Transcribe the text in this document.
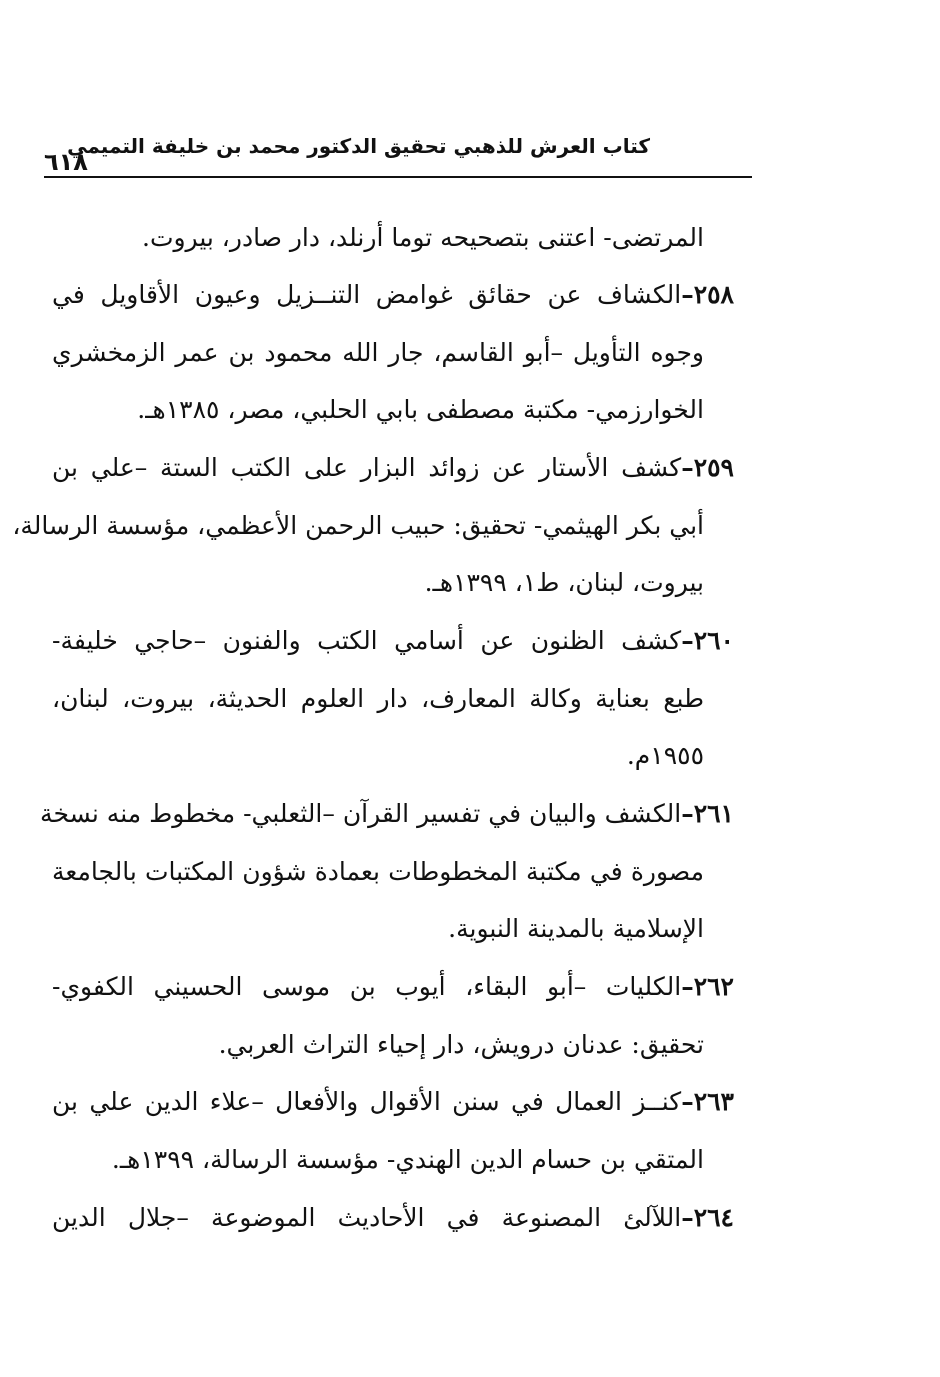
كتاب العرش للذهبي تحقيق الدكتور محمد بن خليفة التميمي
٦١٨
المرتضى- اعتنى بتصحيحه توما أرنلد، دار صادر، بيروت.
٢٥٨–الكشاف عن حقائق غوامض التنــزيل وعيون الأقاويل في
وجوه التأويل –أبو القاسم، جار الله محمود بن عمر الزمخشري
الخوارزمي- مكتبة مصطفى بابي الحلبي، مصر، ١٣٨٥هـ.
٢٥٩–كشف الأستار عن زوائد البزار على الكتب الستة –علي بن
أبي بكر الهيثمي- تحقيق: حبيب الرحمن الأعظمي، مؤسسة الرسالة،
بيروت، لبنان، ط١، ١٣٩٩هـ.
٢٦٠–كشف الظنون عن أسامي الكتب والفنون –حاجي خليفة-
طبع بعناية وكالة المعارف، دار العلوم الحديثة، بيروت، لبنان،
١٩٥٥م.
٢٦١–الكشف والبيان في تفسير القرآن –الثعلبي- مخطوط منه نسخة
مصورة في مكتبة المخطوطات بعمادة شؤون المكتبات بالجامعة
الإسلامية بالمدينة النبوية.
٢٦٢–الكليات –أبو البقاء، أيوب بن موسى الحسيني الكفوي-
تحقيق: عدنان درويش، دار إحياء التراث العربي.
٢٦٣–كنــز العمال في سنن الأقوال والأفعال –علاء الدين علي بن
المتقي بن حسام الدين الهندي- مؤسسة الرسالة، ١٣٩٩هـ.
٢٦٤–اللآلئ المصنوعة في الأحاديث الموضوعة –جلال الدين
